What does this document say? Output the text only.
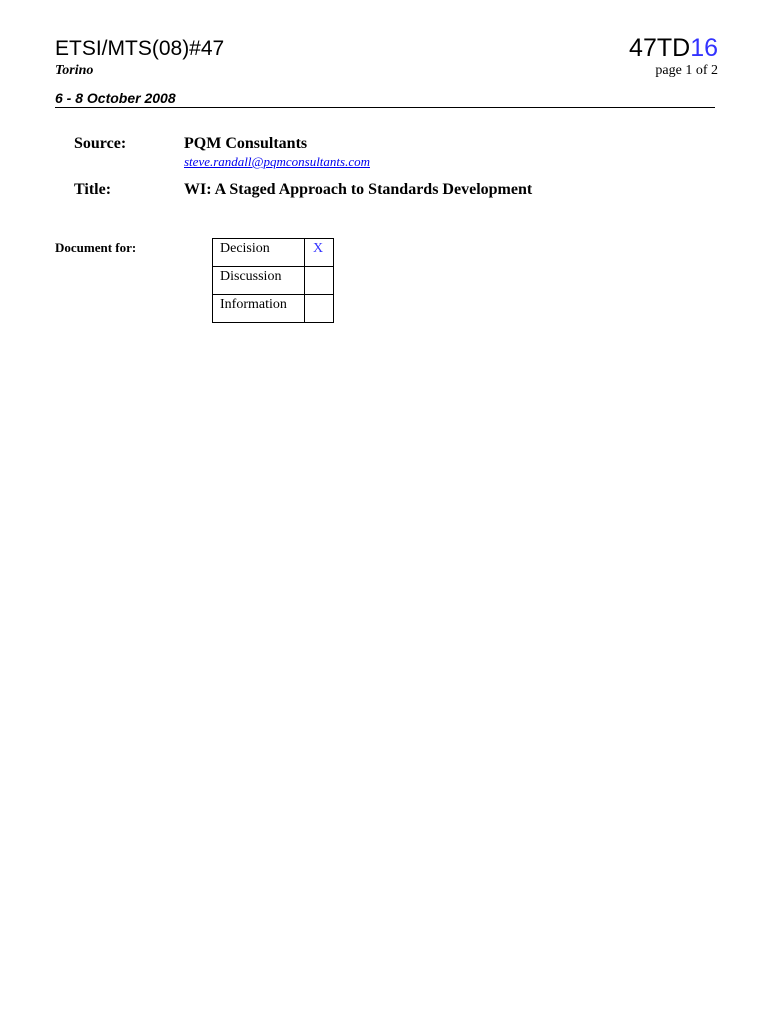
ETSI/MTS(08)#47
Torino
47TD16
page 1 of 2
6 - 8 October 2008
Source:	PQM Consultants
steve.randall@pqmconsultants.com
Title:	WI: A Staged Approach to Standards Development
Document for:	Decision	X
Discussion	
Information	
